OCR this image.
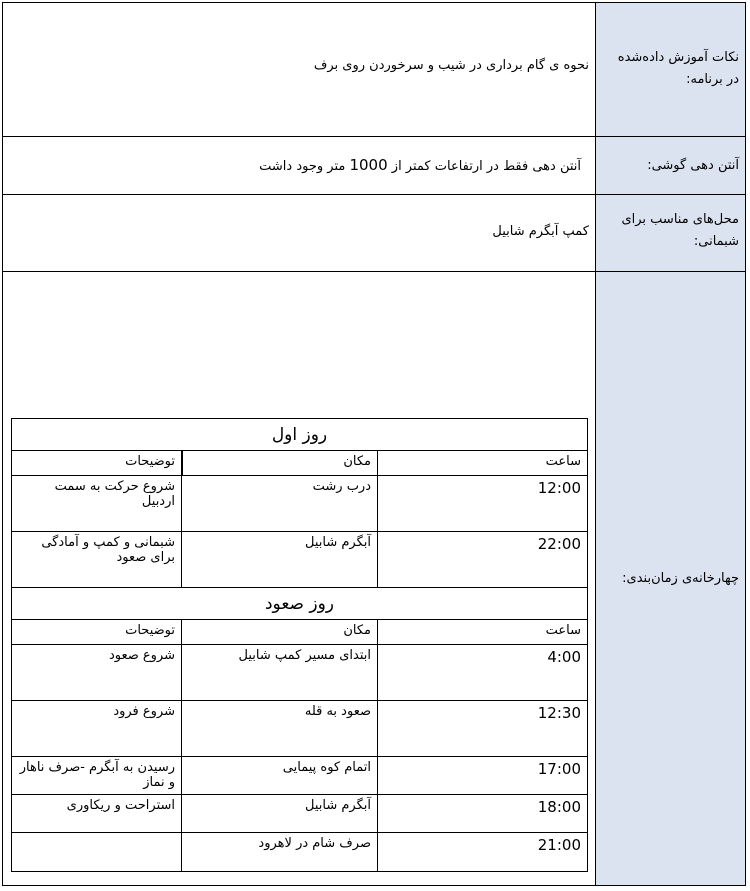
نحوه ی گام برداری در شیب و سرخوردن روی برف
نکات آموزش داده‌شده در برنامه:
آنتن دهی فقط در ارتفاعات کمتر از 1000 متر وجود داشت	آنتن دهی گوشی:
کمپ آبگرم شابیل
محل‌های مناسب برای شبمانی:
چهارخانه‌ی زمان‌بندی:
روز اول
ساعت
مکان
توضیحات
12:00
درب رشت
شروع حرکت به سمت اردبیل
22:00
آبگرم شابیل
شبمانی و کمپ و آمادگی برای صعود
روز صعود
ساعت
مکان
توضیحات
4:00
ابتدای مسیر کمپ شابیل
شروع صعود
12:30
صعود به قله
شروع فرود
17:00
اتمام کوه پیمایی
رسیدن به آبگرم -صرف ناهار و نماز
18:00
آبگرم شابیل
استراحت و ریکاوری
21:00
صرف شام در لاهرود
